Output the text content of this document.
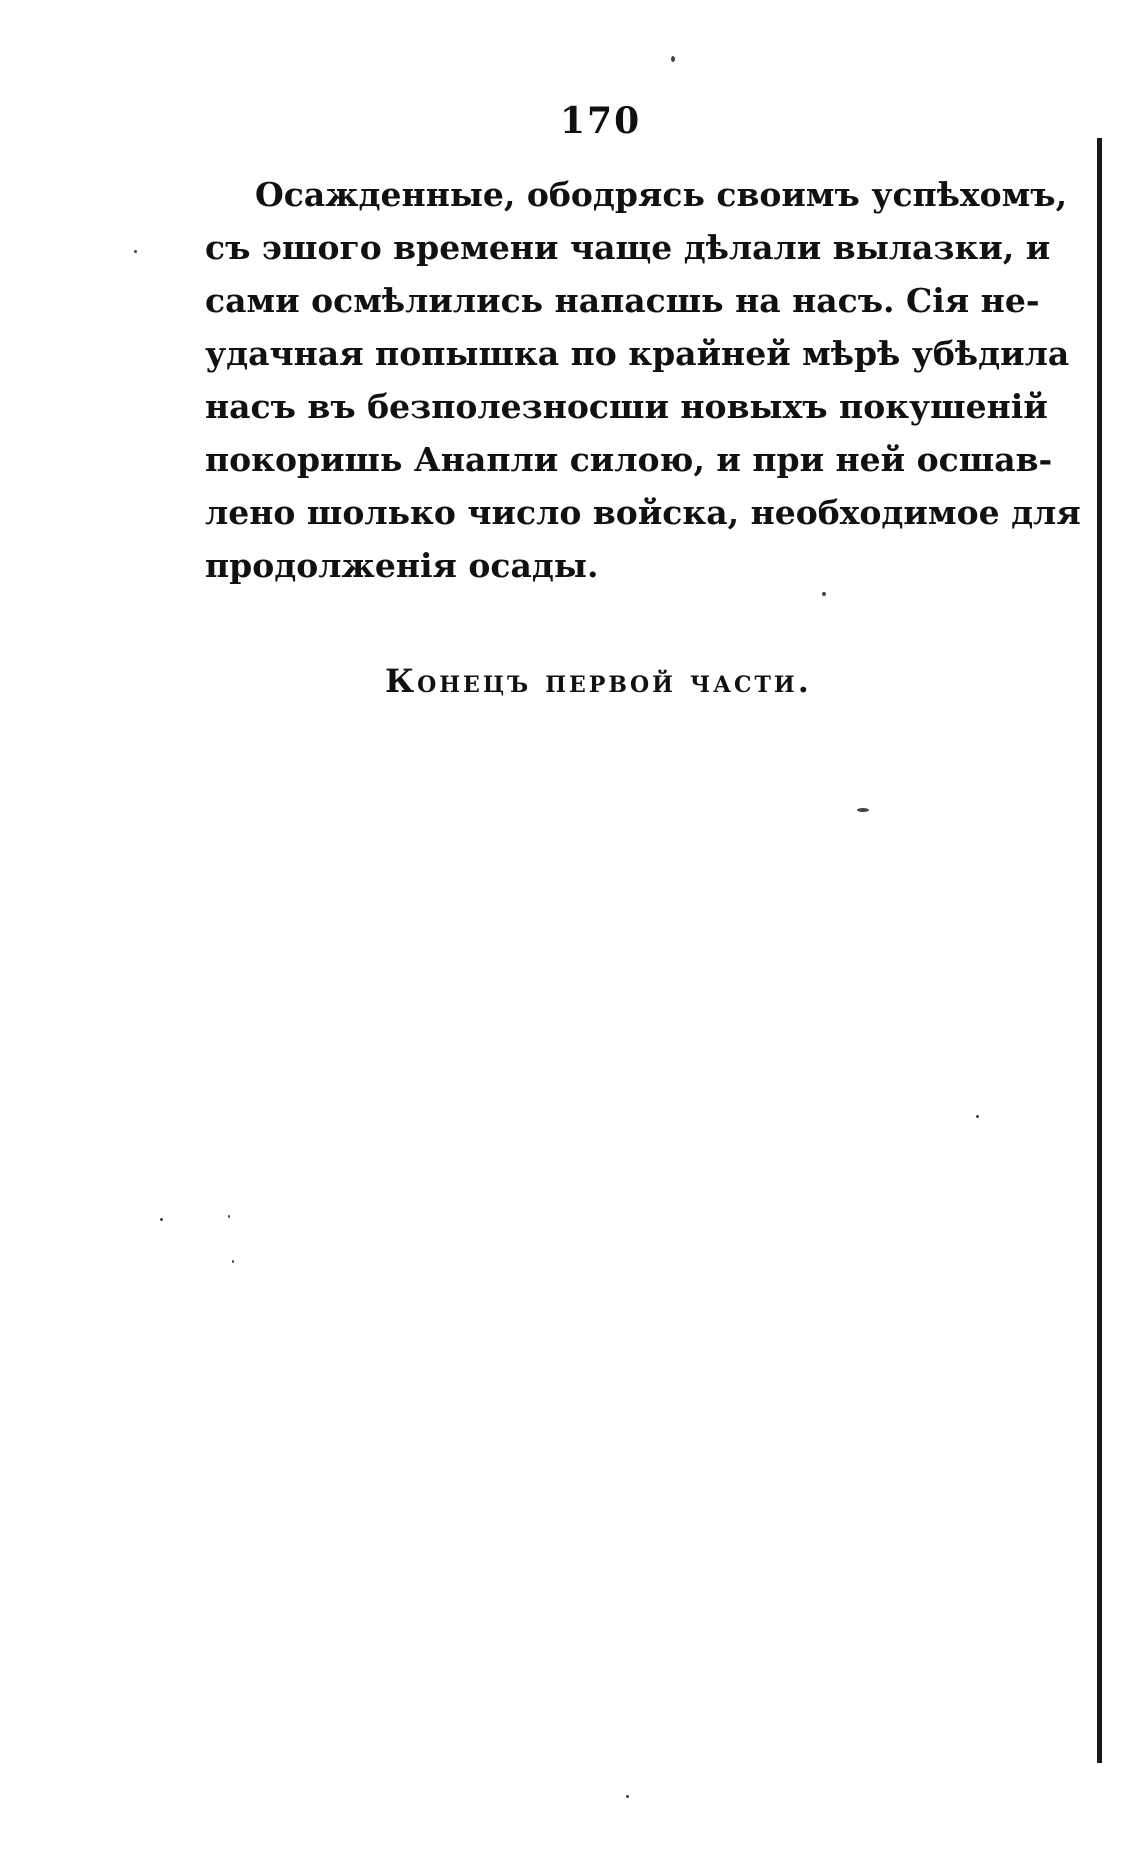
170
Осажденные, ободрясь своимъ успѣхомъ,
съ эшого времени чаще дѣлали вылазки, и
сами осмѣлились напасшь на насъ. Сія не-
удачная попышка по крайней мѣрѣ убѣдила
насъ въ безполезносши новыхъ покушеній
покоришь Анапли силою, и при ней осшав-
лено шолько число войска, необходимое для
продолженія осады.
Конецъ первой части.
